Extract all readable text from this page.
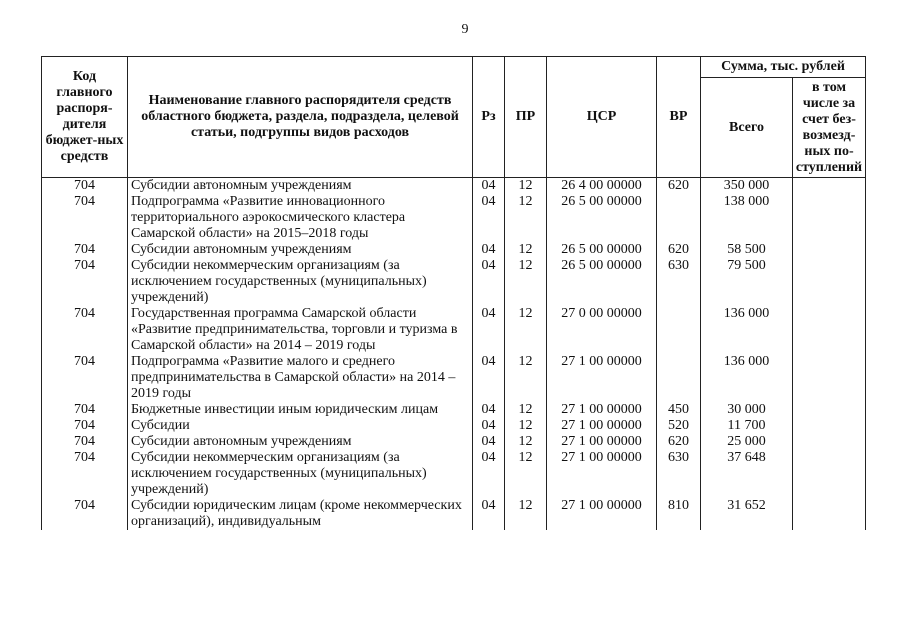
9
Код главного распоря-дителя бюджет-ных средств	Наименование главного распорядителя средств областного бюджета, раздела, подраздела, целевой статьи, подгруппы видов расходов	Рз	ПР	ЦСР	ВР	Сумма, тыс. рублей	
						Всего	в том числе за счет без-возмезд-ных по-ступлений
704	Субсидии автономным учреждениям	04	12	26 4 00 00000	620	350 000	
704	Подпрограмма «Развитие инновационного территориального аэрокосмического кластера Самарской области» на 2015–2018 годы	04	12	26 5 00 00000		138 000	
704	Субсидии автономным учреждениям	04	12	26 5 00 00000	620	58 500	
704	Субсидии некоммерческим организациям (за исключением государственных (муниципальных) учреждений)	04	12	26 5 00 00000	630	79 500	
704	Государственная программа Самарской области «Развитие предпринимательства, торговли и туризма в Самарской области» на 2014 – 2019 годы	04	12	27 0 00 00000		136 000	
704	Подпрограмма «Развитие малого и среднего предпринимательства в Самарской области» на 2014 – 2019 годы	04	12	27 1 00 00000		136 000	
704	Бюджетные инвестиции иным юридическим лицам	04	12	27 1 00 00000	450	30 000	
704	Субсидии	04	12	27 1 00 00000	520	11 700	
704	Субсидии автономным учреждениям	04	12	27 1 00 00000	620	25 000	
704	Субсидии некоммерческим организациям (за исключением государственных (муниципальных) учреждений)	04	12	27 1 00 00000	630	37 648	
704	Субсидии юридическим лицам (кроме некоммерческих организаций), индивидуальным	04	12	27 1 00 00000	810	31 652	
